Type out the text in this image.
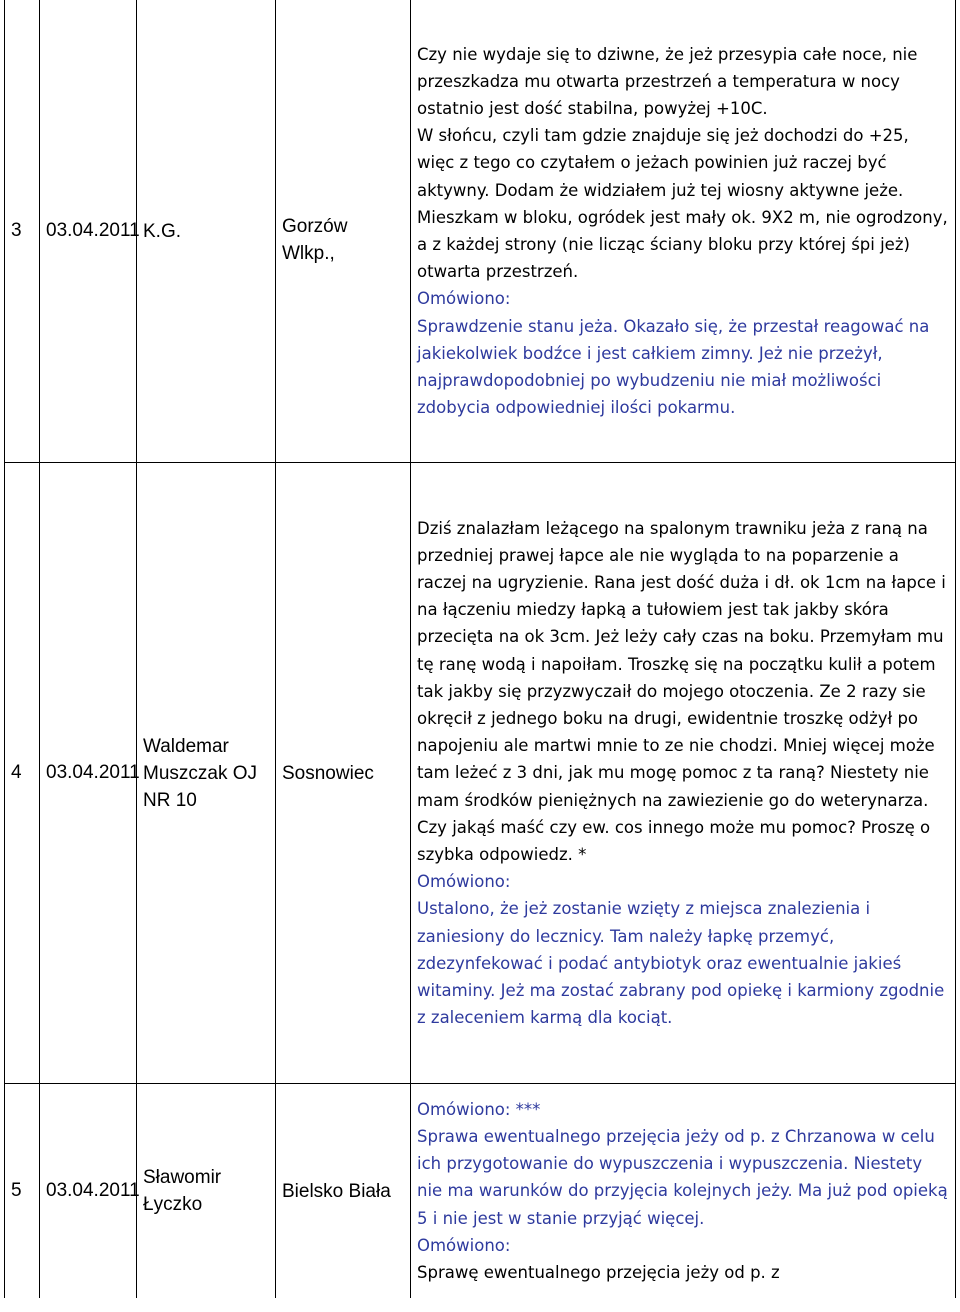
3	03.04.2011	K.G.	Gorzów Wlkp.,	Czy nie wydaje się to dziwne, że jeż przesypia całe noce, nie przeszkadza mu otwarta przestrzeń a temperatura w nocy ostatnio jest dość stabilna, powyżej +10C.
W słońcu, czyli tam gdzie znajduje się jeż dochodzi do +25, więc z tego co czytałem o jeżach powinien już raczej być aktywny. Dodam że widziałem już tej wiosny aktywne jeże.
Mieszkam w bloku, ogródek jest mały ok. 9X2 m, nie ogrodzony, a z każdej strony (nie licząc ściany bloku przy której śpi jeż) otwarta przestrzeń.
Omówiono:
Sprawdzenie stanu jeża. Okazało się, że przestał reagować na jakiekolwiek bodźce i jest całkiem zimny. Jeż nie przeżył, najprawdopodobniej po wybudzeniu nie miał możliwości zdobycia odpowiedniej ilości pokarmu.

4	03.04.2011	Waldemar Muszczak OJ NR 10	Sosnowiec	Dziś znalazłam leżącego na spalonym trawniku jeża z raną na przedniej prawej łapce ale nie wygląda to na poparzenie a raczej na ugryzienie. Rana jest dość duża i dł. ok 1cm na łapce i na łączeniu miedzy łapką a tułowiem jest tak jakby skóra przecięta na ok 3cm. Jeż leży cały czas na boku. Przemyłam mu tę ranę wodą i napoiłam. Troszkę się na początku kulił a potem tak jakby się przyzwyczaił do mojego otoczenia. Ze 2 razy sie okręcił z jednego boku na drugi, ewidentnie troszkę odżył po napojeniu ale martwi mnie to ze nie chodzi. Mniej więcej może tam leżeć z 3 dni, jak mu mogę pomoc z ta raną? Niestety nie mam środków pieniężnych na zawiezienie go do weterynarza. Czy jakąś maść czy ew. cos innego może mu pomoc? Proszę o szybka odpowiedz. *
Omówiono:
Ustalono, że jeż zostanie wzięty z miejsca znalezienia i zaniesiony do lecznicy. Tam należy łapkę przemyć, zdezynfekować i podać antybiotyk oraz ewentualnie jakieś witaminy. Jeż ma zostać zabrany pod opiekę i karmiony zgodnie z zaleceniem karmą dla kociąt.

5	03.04.2011	Sławomir Łyczko	Bielsko Biała	Omówiono: ***
Sprawa ewentualnego przejęcia jeży od p. z Chrzanowa w celu ich przygotowanie do wypuszczenia i wypuszczenia. Niestety nie ma warunków do przyjęcia kolejnych jeży. Ma już pod opieką 5 i nie jest w stanie przyjąć więcej.
Omówiono:
Sprawę ewentualnego przejęcia jeży od p. z
